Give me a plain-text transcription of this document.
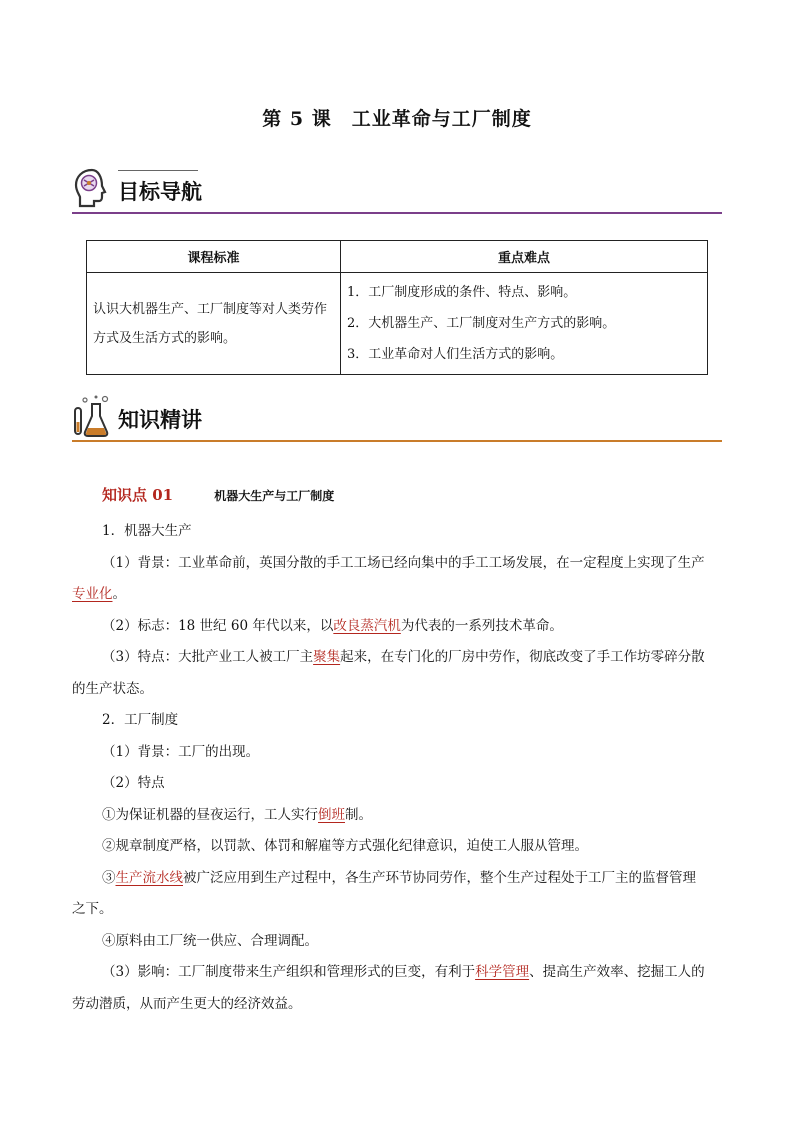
第 5 课　工业革命与工厂制度
目标导航
课程标准	重点难点
认识大机器生产、工厂制度等对人类劳作方式及生活方式的影响。	1．工厂制度形成的条件、特点、影响。
2．大机器生产、工厂制度对生产方式的影响。
3．工业革命对人们生活方式的影响。
知识精讲
知识点 01	机器大生产与工厂制度

1．机器大生产

（1）背景：工业革命前，英国分散的手工工场已经向集中的手工工场发展，在一定程度上实现了生产

专业化。

（2）标志：18 世纪 60 年代以来，以改良蒸汽机为代表的一系列技术革命。

（3）特点：大批产业工人被工厂主聚集起来，在专门化的厂房中劳作，彻底改变了手工作坊零碎分散

的生产状态。

2．工厂制度

（1）背景：工厂的出现。

（2）特点

①为保证机器的昼夜运行，工人实行倒班制。

②规章制度严格，以罚款、体罚和解雇等方式强化纪律意识，迫使工人服从管理。

③生产流水线被广泛应用到生产过程中，各生产环节协同劳作，整个生产过程处于工厂主的监督管理

之下。

④原料由工厂统一供应、合理调配。

（3）影响：工厂制度带来生产组织和管理形式的巨变，有利于科学管理、提高生产效率、挖掘工人的

劳动潜质，从而产生更大的经济效益。
